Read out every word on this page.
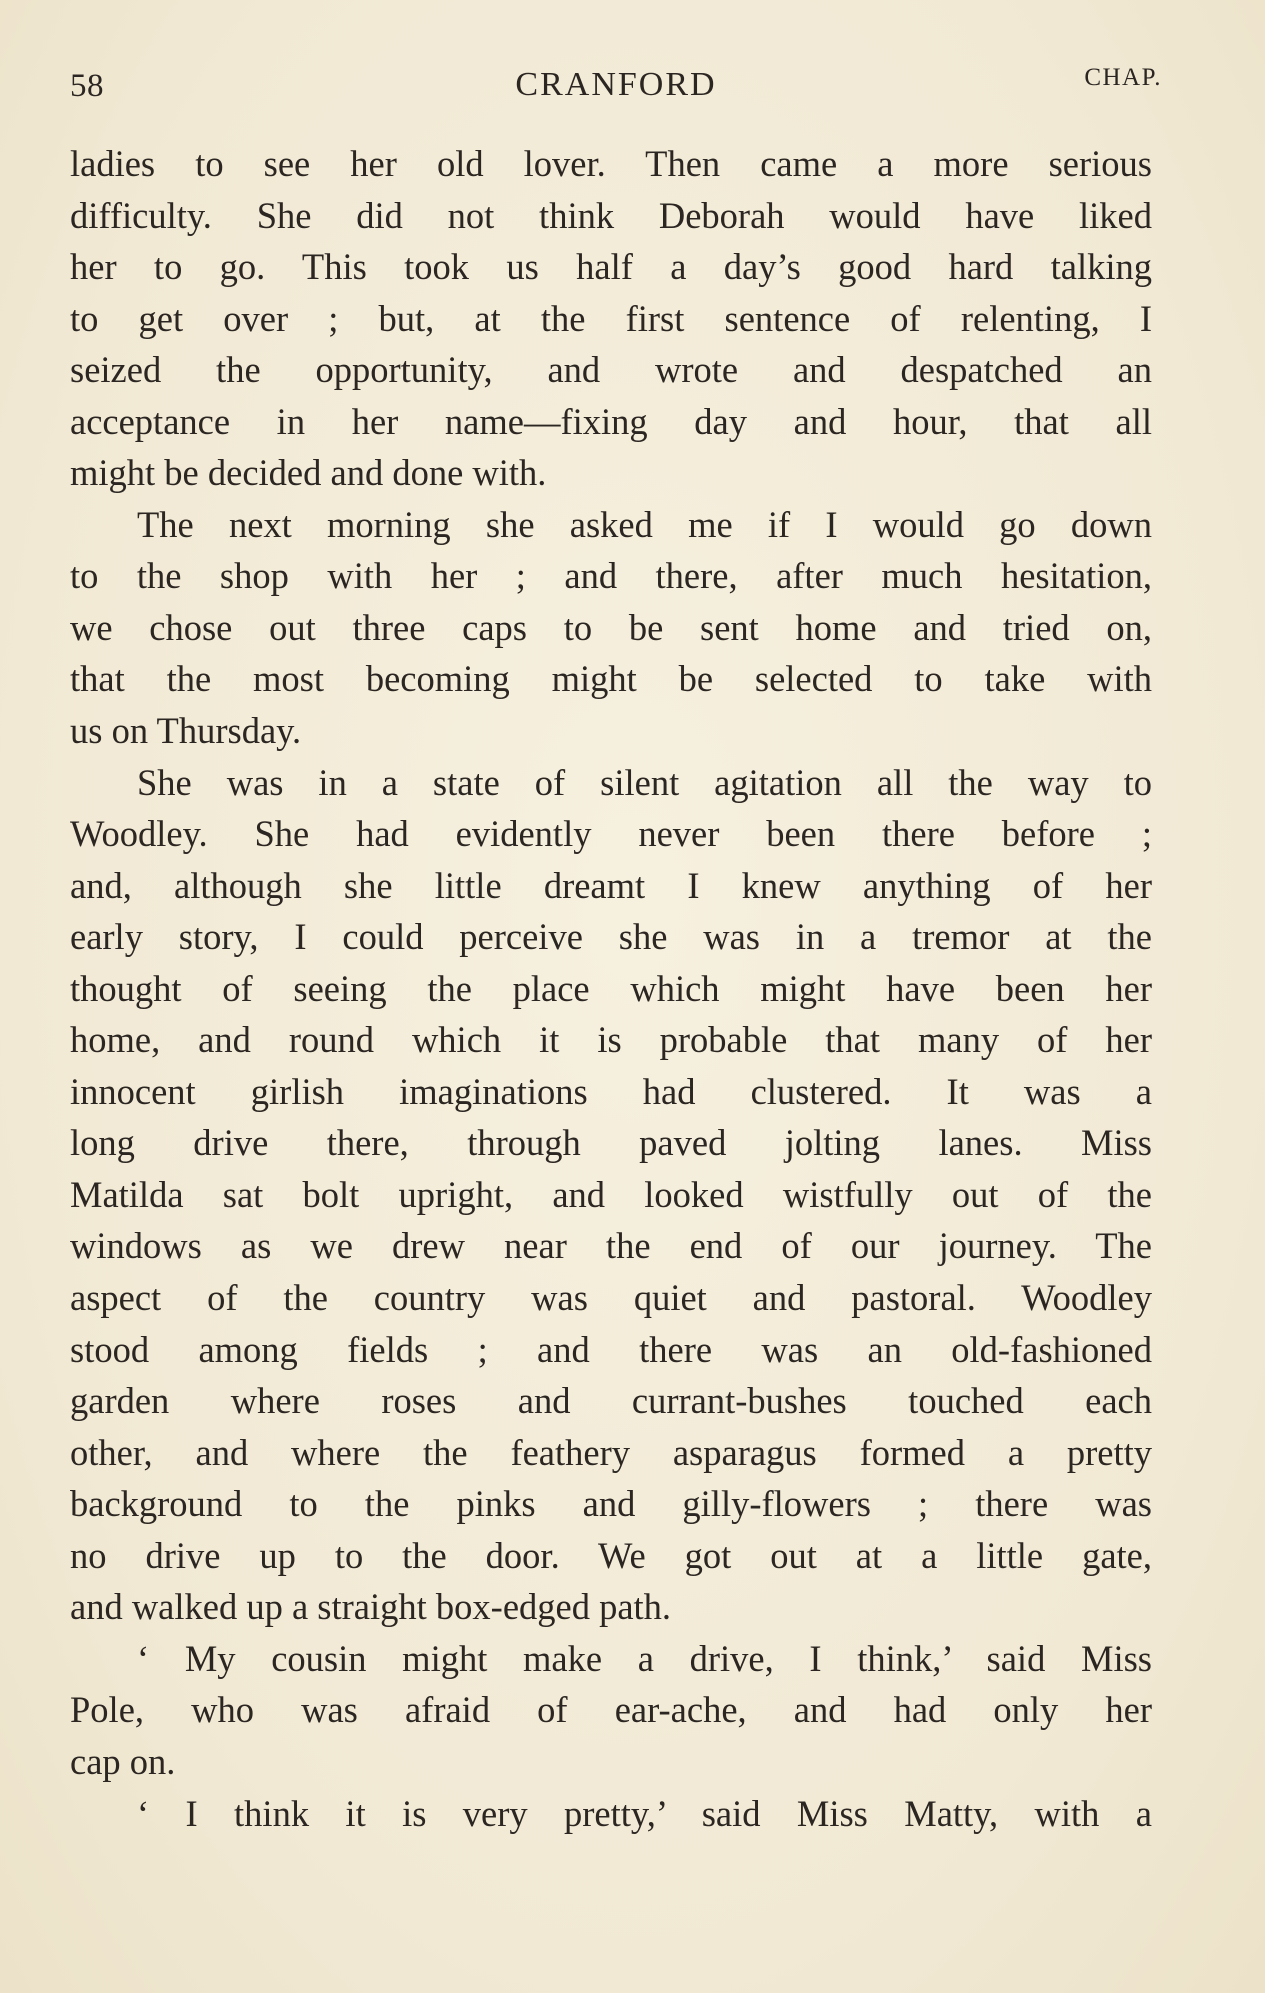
58	CRANFORD	CHAP.
ladies to see her old lover. Then came a more serious
difficulty. She did not think Deborah would have liked
her to go. This took us half a day’s good hard talking
to get over ; but, at the first sentence of relenting, I
seized the opportunity, and wrote and despatched an
acceptance in her name—fixing day and hour, that all
might be decided and done with.
The next morning she asked me if I would go down
to the shop with her ; and there, after much hesitation,
we chose out three caps to be sent home and tried on,
that the most becoming might be selected to take with
us on Thursday.
She was in a state of silent agitation all the way to
Woodley. She had evidently never been there before ;
and, although she little dreamt I knew anything of her
early story, I could perceive she was in a tremor at the
thought of seeing the place which might have been her
home, and round which it is probable that many of her
innocent girlish imaginations had clustered. It was a
long drive there, through paved jolting lanes. Miss
Matilda sat bolt upright, and looked wistfully out of the
windows as we drew near the end of our journey. The
aspect of the country was quiet and pastoral. Woodley
stood among fields ; and there was an old-fashioned
garden where roses and currant-bushes touched each
other, and where the feathery asparagus formed a pretty
background to the pinks and gilly-flowers ; there was
no drive up to the door. We got out at a little gate,
and walked up a straight box-edged path.
‘ My cousin might make a drive, I think,’ said Miss
Pole, who was afraid of ear-ache, and had only her
cap on.
‘ I think it is very pretty,’ said Miss Matty, with a
